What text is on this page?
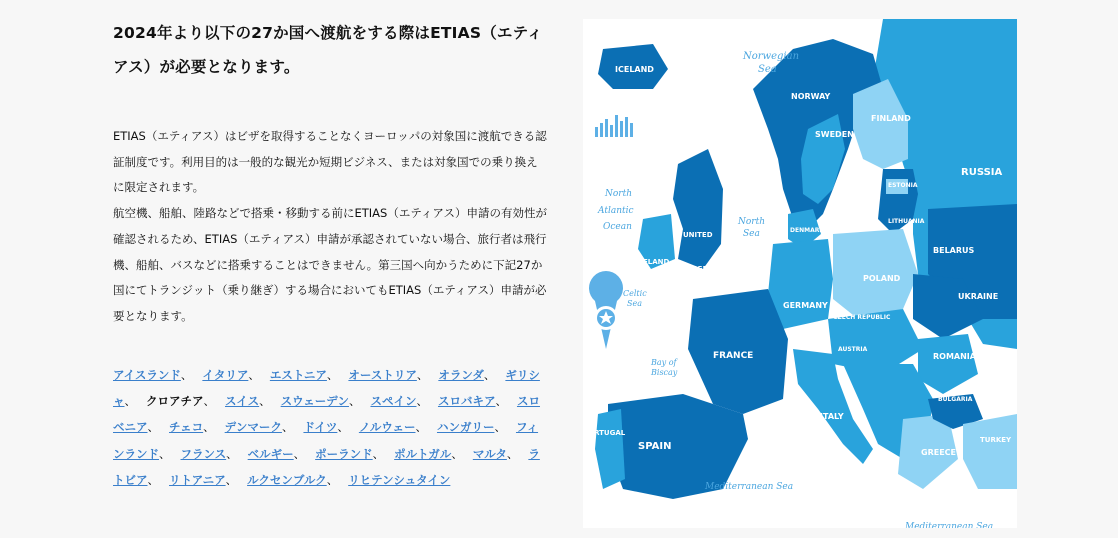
2024年より以下の27か国へ渡航をする際はETIAS（エティアス）が必要となります。

ETIAS（エティアス）はビザを取得することなくヨーロッパの対象国に渡航できる認証制度です。利用目的は一般的な観光か短期ビジネス、または対象国での乗り換えに限定されます。

航空機、船舶、陸路などで搭乗・移動する前にETIAS（エティアス）申請の有効性が確認されるため、ETIAS（エティアス）申請が承認されていない場合、旅行者は飛行機、船舶、バスなどに搭乗することはできません。第三国へ向かうために下記27か国にてトランジット（乗り継ぎ）する場合においてもETIAS（エティアス）申請が必要となります。

アイスランド、 イタリア、 エストニア、 オーストリア、 オランダ、 ギリシャ、 クロアチア、 スイス、 スウェーデン、 スペイン、 スロバキア、 スロベニア、 チェコ、 デンマーク、 ドイツ、 ノルウェー、 ハンガリー、 フィンランド、 フランス、 ベルギー、 ポーランド、 ポルトガル、 マルタ、 ラトビア、 リトアニア、 ルクセンブルク、 リヒテンシュタイン
Norwegian
Sea
North
Atlantic
Ocean	North
Sea
Celtic
Sea
Bay of
Biscay
Mediterranean Sea
Mediterranean Sea
ICELAND
NORWAY
SWEDEN
FINLAND
RUSSIA
ESTONIA
LITHUANIA
BELARUS
DENMARK
IRELAND
UNITED
KINGDOM
GERMANY
POLAND
UKRAINE
FRANCE
CZECH REPUBLIC
AUSTRIA
ROMANIA
SPAIN
PORTUGAL
ITALY
BULGARIA
GREECE
TURKEY
